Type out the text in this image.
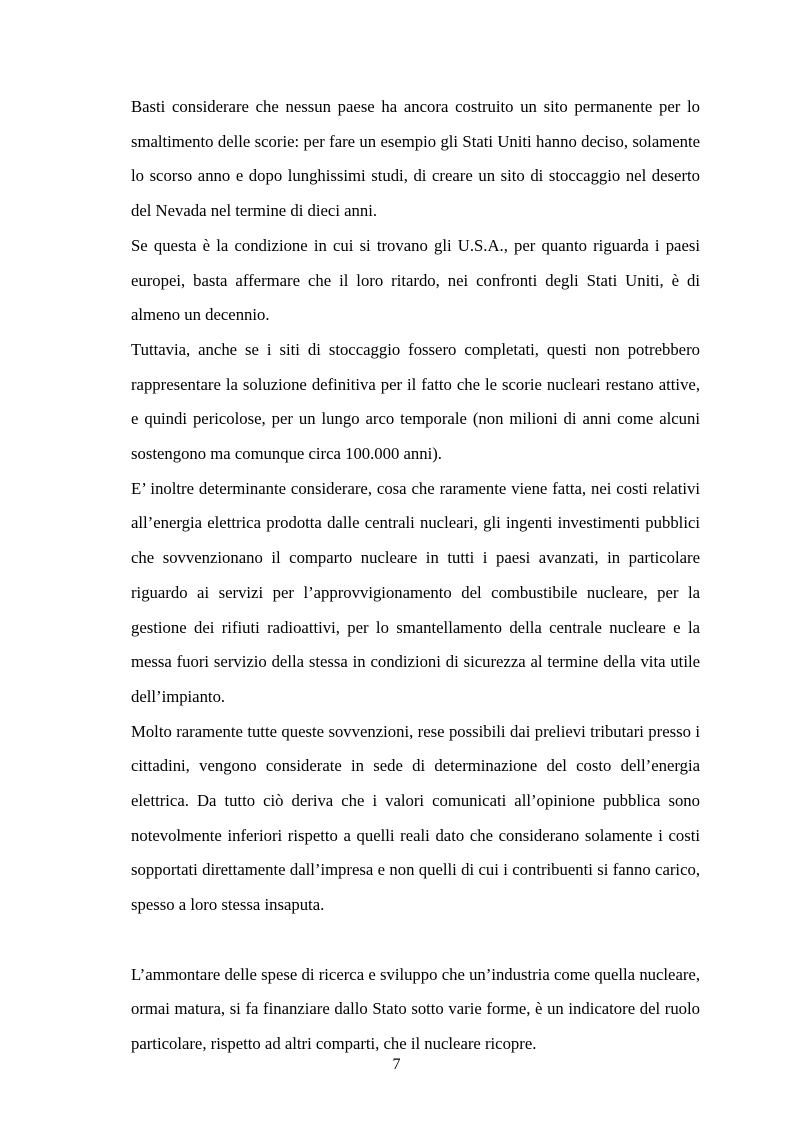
Basti considerare che nessun paese ha ancora costruito un sito permanente per lo smaltimento delle scorie: per fare un esempio gli Stati Uniti hanno deciso, solamente lo scorso anno e dopo lunghissimi studi, di creare un sito di stoccaggio nel deserto del Nevada nel termine di dieci anni.

Se questa è la condizione in cui si trovano gli U.S.A., per quanto riguarda i paesi europei, basta affermare che il loro ritardo, nei confronti degli Stati Uniti, è di almeno un decennio.

Tuttavia, anche se i siti di stoccaggio fossero completati, questi non potrebbero rappresentare la soluzione definitiva per il fatto che le scorie nucleari restano attive, e quindi pericolose, per un lungo arco temporale (non milioni di anni come alcuni sostengono ma comunque circa 100.000 anni).

E’ inoltre determinante considerare, cosa che raramente viene fatta, nei costi relativi all’energia elettrica prodotta dalle centrali nucleari, gli ingenti investimenti pubblici che sovvenzionano il comparto nucleare in tutti i paesi avanzati, in particolare riguardo ai servizi per l’approvvigionamento del combustibile nucleare, per la gestione dei rifiuti radioattivi, per lo smantellamento della centrale nucleare e la messa fuori servizio della stessa in condizioni di sicurezza al termine della vita utile dell’impianto.

Molto raramente tutte queste sovvenzioni, rese possibili dai prelievi tributari presso i cittadini, vengono considerate in sede di determinazione del costo dell’energia elettrica. Da tutto ciò deriva che i valori comunicati all’opinione pubblica sono notevolmente inferiori rispetto a quelli reali dato che considerano solamente i costi sopportati direttamente dall’impresa e non quelli di cui i contribuenti si fanno carico, spesso a loro stessa insaputa.

L’ammontare delle spese di ricerca e sviluppo che un’industria come quella nucleare, ormai matura, si fa finanziare dallo Stato sotto varie forme, è un indicatore del ruolo particolare, rispetto ad altri comparti, che il nucleare ricopre.

7
